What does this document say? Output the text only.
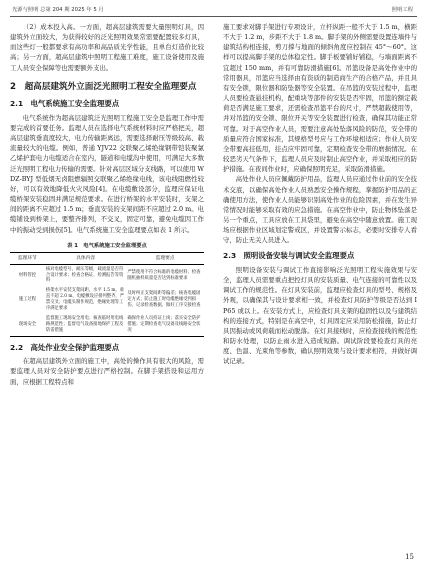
光源与照明 总第 204 期 2025 年 5 月	照明工程

（2）成本投入高。一方面，超高层建筑需要大量照明灯具，因建筑外立面较大，为获得较好的泛光照明效果常需要配置较多灯具，而这些灯一般都要求有高功率和高品质光学性能，且单台灯造价比较高；另一方面，超高层建筑中照明工程施工难度，施工设备使用及施工人员安全保障等也需要额外支出。

2　超高层建筑外立面泛光照明工程安全监理要点
2.1　电气系统施工安全监理要点

电气系统作为超高层建筑泛光照明工程施工安全是监理工作中需要完成的首要任务。监理人员在选择电气系统材料时应严格把关，超高层建筑垂直度较大，电力传输距离远，需要选择耐压等级较高、载流量较大的电缆。例如，普通 YJV22 交联聚乙烯绝缘钢带铠装聚氯乙烯护套电力电缆适合在室内，隧道和电缆沟中使用，可满足大多数泛光照明工程电力传输的需要。针对高层区域分支线路，可以使用 WDZ-BYJ 型低烟无卤阻燃辐照交联聚乙烯绝缘电线，该电线阻燃性较好，可以有效地降低火灾风险[4]。在电缆敷设部分，监理应保证电缆桥架安装稳固并满足规范要求。在进行桥架的水平安装时，支架之间的距离不应超过 1.5 m；垂直安装的支架间距不应超过 2.0 m。电缆铺设到桥架上，要整齐排列，不交叉，固定可靠，避免电缆因工作中的振动受到损伤[5]。电气系统施工安全监理要点如表 1 所示。

表 1　电气系统施工安全监理要点
监理环节	具体内容	监理要点
材料管控	核对电缆型号，耐压等级，载流量是否符合设计要求；检查合格证、检测报告等资料	严禁使用不符合标准的电缆材料；检查随机抽样质量是否达到标准要求
施工过程	桥架水平安装支架间距，水平 1.5 m，垂直不超 2.0 m，电缆敷设应排列整齐，严禁交叉；电缆头制作规范，绝缘处理等工序满足要求	及时纠正支架间距等偏差；核查电缆固定方式；防止施工时电缆绝缘受到损伤，记录检查数据，做好工序交接检查
现场安全	监督施工现场安全用电；核查临时用电线路规范性；监督电气设备接地保护工程及防雷措施	确保作业人员持证上岗；落实安全防护措施；定期检查电气设备及线路安全状况
2.2　高处作业安全保护监理要点

在超高层建筑外立面的施工中，高处的操作具有很大的风险，需要监理人员对安全防护要点进行严格控制。在脚手架搭设和运用方面，应根据工程特点和

施工要求对脚手架进行专项设计，立杆纵距一般不大于 1.5 m，横距不大于 1.2 m，步距不大于 1.8 m。脚手架的外侧需要设置连墙件与建筑结构相连接，剪刀撑与地面的倾斜角度应控制在 45°～60°。这样可以提高脚手架的总体稳定性。脚手板要铺好铺稳，与墙面距离不宜超过 150 mm，并有可靠防滑措施[6]。吊篮设备是高处作业中的常用器具，吊篮应当选择由有资质的制造商生产的合格产品，并且具有安全锁，限位器和防坠器等安全装置。在吊篮的安装过程中，监理人员要检查悬挂机构，配重块等部件的安装是否牢固，吊篮的额定载荷是否满足施工要求，还需检查吊篮平台的尺寸，严禁超载使用等，并对吊篮的安全锁、限位开关等安全装置进行检查，确保其功能正常可靠。对于高空作业人员，需要注意高处坠落风险的防范，安全带的质量应符合国家标准，其规格型号应与工作环境相适应；作业人员安全带要高挂低用，挂点应牢固可靠，定期检查安全带的磨损情况。在较恶劣天气条件下，监理人员应及时制止高空作业，并采取相应的防护措施。在夜间作业时，应确保照明充足，采取防滑措施。

高处作业人员应佩戴防护用品，监理人员应通过作业前的安全技术交底，以确保高处作业人员熟悉安全操作规程，掌握防护用品的正确使用方法，使作业人员能够识别高处作业的危险因素，并在发生异常情况时能够采取有效的应急措施。在高空作业中，防止物体坠落是另一个重点，工具应放在工具袋里，避免在高空中随意放置。施工现场应根据作业区域划定警戒区，并设置警示标志，必要时安排专人看守，防止无关人员进入。

2.3　照明设备安装与调试安全监理要点

照明设备安装与调试工作直接影响泛光照明工程实施效果与安全，监理人员需要重点把控灯具的安装质量、电气连接的可靠性以及调试工作的规范性。在灯具安装前，监理应检查灯具的型号、规格及外观，以确保其与设计要求相一致，并检查灯具防护等级是否达到 IP65 或以上。在安装方式上，应检查灯具支架的稳固性以及与建筑结构的连接方式，特别是在高空中，灯具固定应采用防松措施，防止灯具因振动或风荷载而松动脱落。在灯具接线时，应检查接线的规范性和防水处理，以防止雨水进入造成短路。调试阶段要检查灯具的亮度、色温、光束角等参数，确认照明效果与设计要求相符，并做好调试记录。

15
